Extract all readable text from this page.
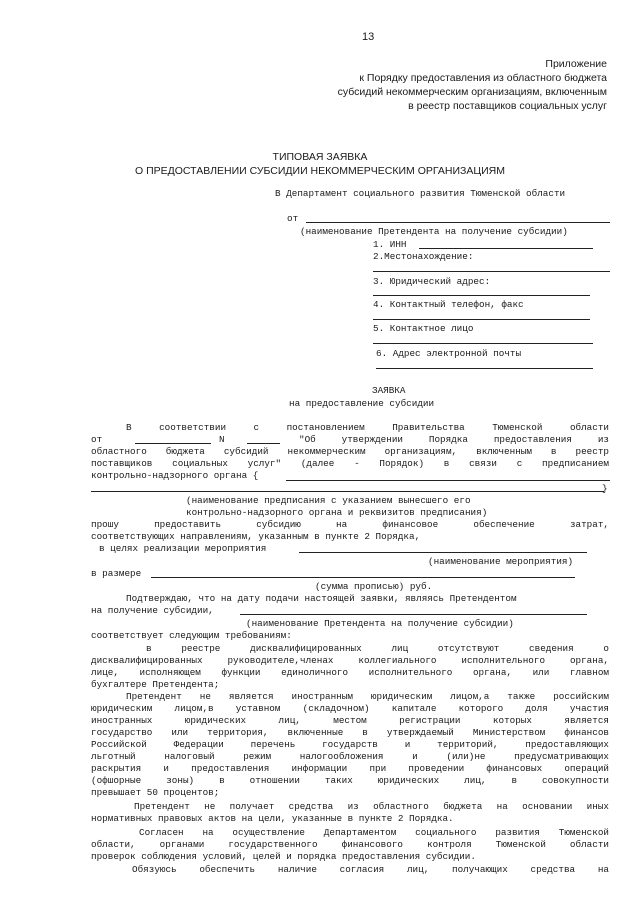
13
Приложение
к Порядку предоставления из областного бюджета
субсидий некоммерческим организациям, включенным
в реестр поставщиков социальных услуг
ТИПОВАЯ ЗАЯВКА
О ПРЕДОСТАВЛЕНИИ СУБСИДИИ НЕКОММЕРЧЕСКИМ ОРГАНИЗАЦИЯМ
В Департамент социального развития Тюменской области
от
(наименование Претендента на получение субсидии)
1. ИНН
2.Местонахождение:
3. Юридический адрес:
4. Контактный телефон, факс
5. Контактное лицо
6. Адрес электронной почты
ЗАЯВКА
на предоставление субсидии
В соответствии с постановлением Правительства Тюменской области
от	N	"Об утверждении Порядка предоставления из
областного бюджета субсидий некоммерческим организациям, включенным в реестр
поставщиков социальных услуг" (далее - Порядок) в связи с предписанием
контрольно-надзорного органа {
}
(наименование предписания с указанием вынесшего его
контрольно-надзорного органа и реквизитов предписания)
прошу предоставить субсидию на финансовое обеспечение затрат,
соответствующих направлениям, указанным в пункте 2 Порядка,
в целях реализации мероприятия
(наименование мероприятия)
в размере
(сумма прописью) руб.
Подтверждаю, что на дату подачи настоящей заявки, являясь Претендентом
на получение субсидии,
(наименование Претендента на получение субсидии)
соответствует следующим требованиям:
в реестре дисквалифицированных лиц отсутствуют сведения о
дисквалифицированных руководителе,членах коллегиального исполнительного органа,
лице, исполняющем функции единоличного исполнительного органа, или главном
бухгалтере Претендента;
Претендент не является иностранным юридическим лицом,а также российским
юридическим лицом,в уставном (складочном) капитале которого доля участия
иностранных юридических лиц, местом регистрации которых является
государство или территория, включенные в утверждаемый Министерством финансов
Российской Федерации перечень государств и территорий, предоставляющих
льготный налоговый режим налогообложения и (или)не предусматривающих
раскрытия и предоставления информации при проведении финансовых операций
(офшорные зоны) в отношении таких юридических лиц, в совокупности
превышает 50 процентов;
Претендент не получает средства из областного бюджета на основании иных
нормативных правовых актов на цели, указанные в пункте 2 Порядка.
Согласен на осуществление Департаментом социального развития Тюменской
области, органами государственного финансового контроля Тюменской области
проверок соблюдения условий, целей и порядка предоставления субсидии.
Обязуюсь обеспечить наличие согласия лиц, получающих средства на
